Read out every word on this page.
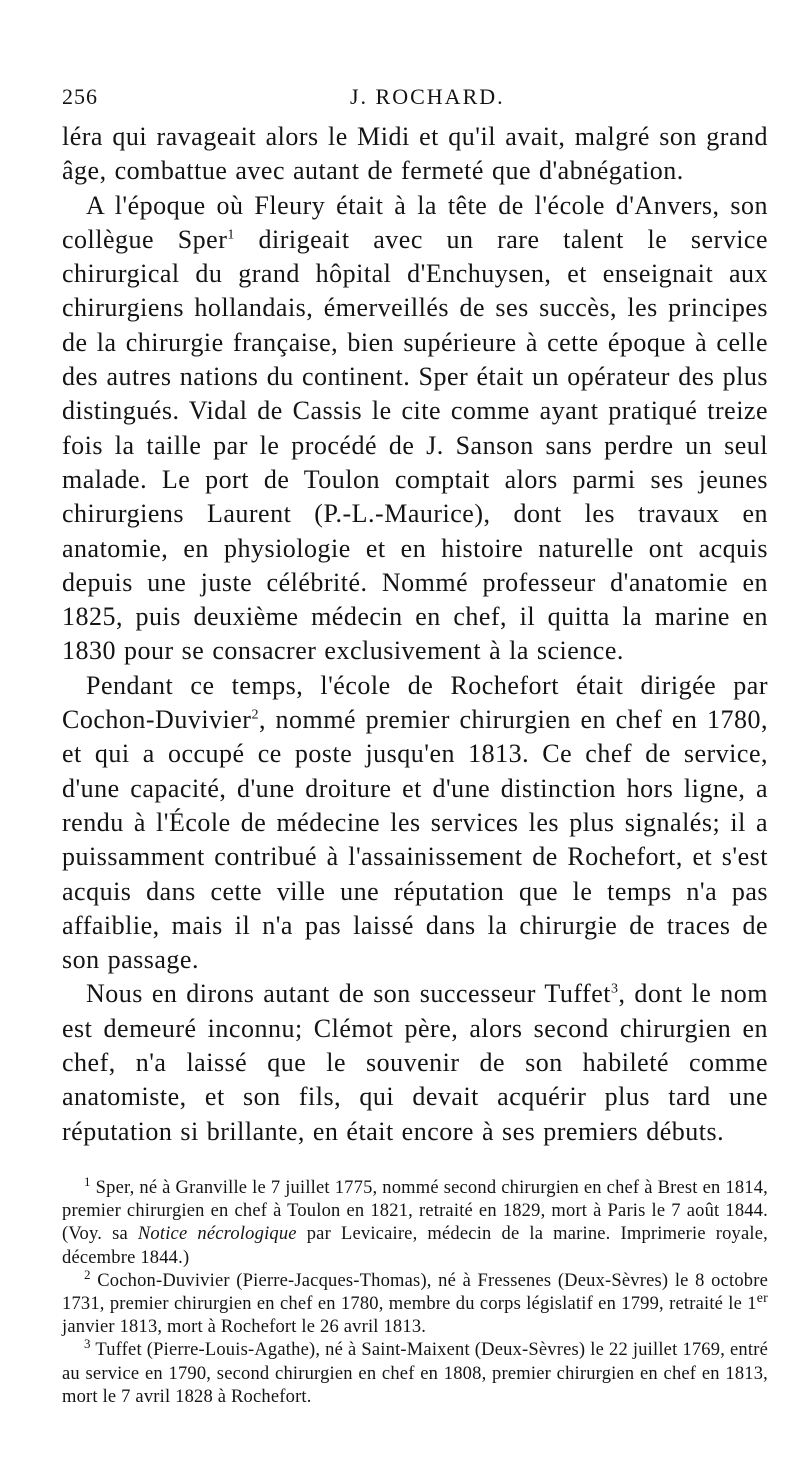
256	J. ROCHARD.

léra qui ravageait alors le Midi et qu'il avait, malgré son grand âge, combattue avec autant de fermeté que d'abnégation.

A l'époque où Fleury était à la tête de l'école d'Anvers, son collègue Sper$^1$ dirigeait avec un rare talent le service chirurgical du grand hôpital d'Enchuysen, et enseignait aux chirurgiens hollandais, émerveillés de ses succès, les principes de la chirurgie française, bien supérieure à cette époque à celle des autres nations du continent. Sper était un opérateur des plus distingués. Vidal de Cassis le cite comme ayant pratiqué treize fois la taille par le procédé de J. Sanson sans perdre un seul malade. Le port de Toulon comptait alors parmi ses jeunes chirurgiens Laurent (P.-L.-Maurice), dont les travaux en anatomie, en physiologie et en histoire naturelle ont acquis depuis une juste célébrité. Nommé professeur d'anatomie en 1825, puis deuxième médecin en chef, il quitta la marine en 1830 pour se consacrer exclusivement à la science.

Pendant ce temps, l'école de Rochefort était dirigée par Cochon-Duvivier$^2$, nommé premier chirurgien en chef en 1780, et qui a occupé ce poste jusqu'en 1813. Ce chef de service, d'une capacité, d'une droiture et d'une distinction hors ligne, a rendu à l'École de médecine les services les plus signalés; il a puissamment contribué à l'assainissement de Rochefort, et s'est acquis dans cette ville une réputation que le temps n'a pas affaiblie, mais il n'a pas laissé dans la chirurgie de traces de son passage.

Nous en dirons autant de son successeur Tuffet$^3$, dont le nom est demeuré inconnu; Clémot père, alors second chirurgien en chef, n'a laissé que le souvenir de son habileté comme anatomiste, et son fils, qui devait acquérir plus tard une réputation si brillante, en était encore à ses premiers débuts.

$^1$ Sper, né à Granville le 7 juillet 1775, nommé second chirurgien en chef à Brest en 1814, premier chirurgien en chef à Toulon en 1821, retraité en 1829, mort à Paris le 7 août 1844. (Voy. sa Notice nécrologique par Levicaire, médecin de la marine. Imprimerie royale, décembre 1844.)

$^2$ Cochon-Duvivier (Pierre-Jacques-Thomas), né à Fressenes (Deux-Sèvres) le 8 octobre 1731, premier chirurgien en chef en 1780, membre du corps législatif en 1799, retraité le 1er janvier 1813, mort à Rochefort le 26 avril 1813.

$^3$ Tuffet (Pierre-Louis-Agathe), né à Saint-Maixent (Deux-Sèvres) le 22 juillet 1769, entré au service en 1790, second chirurgien en chef en 1808, premier chirurgien en chef en 1813, mort le 7 avril 1828 à Rochefort.
